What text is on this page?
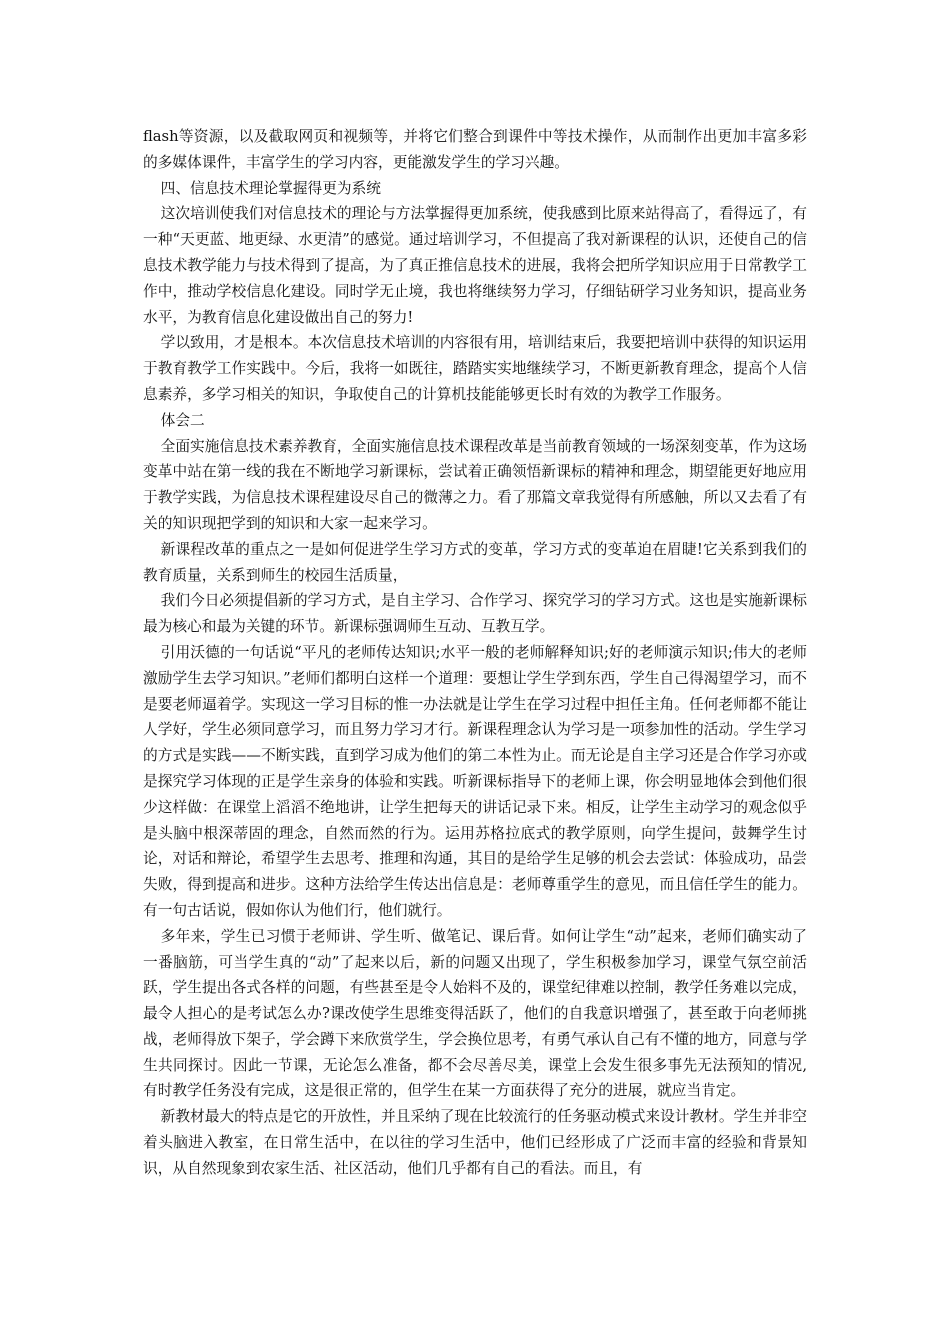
flash等资源，以及截取网页和视频等，并将它们整合到课件中等技术操作，从而制作出更加丰富多彩的多媒体课件，丰富学生的学习内容，更能激发学生的学习兴趣。

四、信息技术理论掌握得更为系统

这次培训使我们对信息技术的理论与方法掌握得更加系统，使我感到比原来站得高了，看得远了，有一种“天更蓝、地更绿、水更清”的感觉。通过培训学习，不但提高了我对新课程的认识，还使自己的信息技术教学能力与技术得到了提高，为了真正推信息技术的进展，我将会把所学知识应用于日常教学工作中，推动学校信息化建设。同时学无止境，我也将继续努力学习，仔细钻研学习业务知识，提高业务水平，为教育信息化建设做出自己的努力!

学以致用，才是根本。本次信息技术培训的内容很有用，培训结束后，我要把培训中获得的知识运用于教育教学工作实践中。今后，我将一如既往，踏踏实实地继续学习，不断更新教育理念，提高个人信息素养，多学习相关的知识，争取使自己的计算机技能能够更长时有效的为教学工作服务。

体会二

全面实施信息技术素养教育，全面实施信息技术课程改革是当前教育领域的一场深刻变革，作为这场变革中站在第一线的我在不断地学习新课标，尝试着正确领悟新课标的精神和理念，期望能更好地应用于教学实践，为信息技术课程建设尽自己的微薄之力。看了那篇文章我觉得有所感触，所以又去看了有关的知识现把学到的知识和大家一起来学习。

新课程改革的重点之一是如何促进学生学习方式的变革，学习方式的变革迫在眉睫!它关系到我们的教育质量，关系到师生的校园生活质量，

我们今日必须提倡新的学习方式，是自主学习、合作学习、探究学习的学习方式。这也是实施新课标最为核心和最为关键的环节。新课标强调师生互动、互教互学。

引用沃德的一句话说“平凡的老师传达知识;水平一般的老师解释知识;好的老师演示知识;伟大的老师激励学生去学习知识。”老师们都明白这样一个道理：要想让学生学到东西，学生自己得渴望学习，而不是要老师逼着学。实现这一学习目标的惟一办法就是让学生在学习过程中担任主角。任何老师都不能让人学好，学生必须同意学习，而且努力学习才行。新课程理念认为学习是一项参加性的活动。学生学习的方式是实践——不断实践，直到学习成为他们的第二本性为止。而无论是自主学习还是合作学习亦或是探究学习体现的正是学生亲身的体验和实践。听新课标指导下的老师上课，你会明显地体会到他们很少这样做：在课堂上滔滔不绝地讲，让学生把每天的讲话记录下来。相反，让学生主动学习的观念似乎是头脑中根深蒂固的理念，自然而然的行为。运用苏格拉底式的教学原则，向学生提问，鼓舞学生讨论，对话和辩论，希望学生去思考、推理和沟通，其目的是给学生足够的机会去尝试：体验成功，品尝失败，得到提高和进步。这种方法给学生传达出信息是：老师尊重学生的意见，而且信任学生的能力。有一句古话说，假如你认为他们行，他们就行。

多年来，学生已习惯于老师讲、学生听、做笔记、课后背。如何让学生“动”起来，老师们确实动了一番脑筋，可当学生真的“动”了起来以后，新的问题又出现了，学生积极参加学习，课堂气氛空前活跃，学生提出各式各样的问题，有些甚至是令人始料不及的，课堂纪律难以控制，教学任务难以完成，最令人担心的是考试怎么办?课改使学生思维变得活跃了，他们的自我意识增强了，甚至敢于向老师挑战，老师得放下架子，学会蹲下来欣赏学生，学会换位思考，有勇气承认自己有不懂的地方，同意与学生共同探讨。因此一节课，无论怎么准备，都不会尽善尽美，课堂上会发生很多事先无法预知的情况,有时教学任务没有完成，这是很正常的，但学生在某一方面获得了充分的进展，就应当肯定。

新教材最大的特点是它的开放性，并且采纳了现在比较流行的任务驱动模式来设计教材。学生并非空着头脑进入教室，在日常生活中，在以往的学习生活中，他们已经形成了广泛而丰富的经验和背景知识，从自然现象到农家生活、社区活动，他们几乎都有自己的看法。而且，有
